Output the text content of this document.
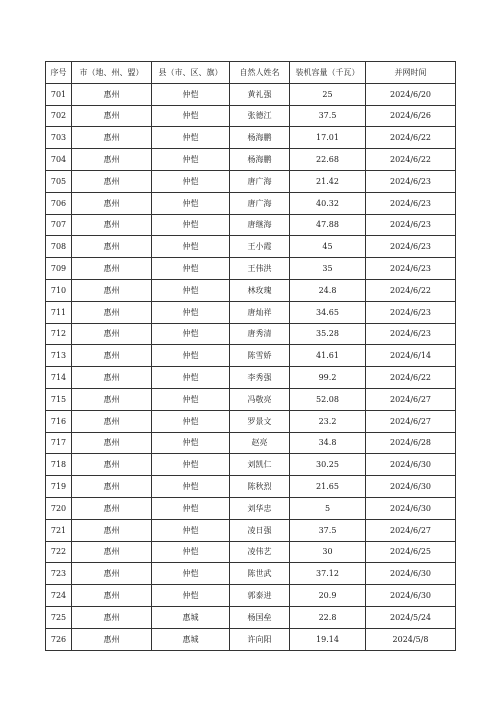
序号	市（地、州、盟）	县（市、区、旗）	自然人姓名	装机容量（千瓦）	并网时间
701	惠州	仲恺	黄礼强	25	2024/6/20
702	惠州	仲恺	张德江	37.5	2024/6/26
703	惠州	仲恺	杨海鹏	17.01	2024/6/22
704	惠州	仲恺	杨海鹏	22.68	2024/6/22
705	惠州	仲恺	唐广海	21.42	2024/6/23
706	惠州	仲恺	唐广海	40.32	2024/6/23
707	惠州	仲恺	唐继海	47.88	2024/6/23
708	惠州	仲恺	王小霞	45	2024/6/23
709	惠州	仲恺	王伟洪	35	2024/6/23
710	惠州	仲恺	林玫瑰	24.8	2024/6/22
711	惠州	仲恺	唐灿祥	34.65	2024/6/23
712	惠州	仲恺	唐秀清	35.28	2024/6/23
713	惠州	仲恺	陈雪娇	41.61	2024/6/14
714	惠州	仲恺	李秀强	99.2	2024/6/22
715	惠州	仲恺	冯敬亮	52.08	2024/6/27
716	惠州	仲恺	罗景文	23.2	2024/6/27
717	惠州	仲恺	赵亮	34.8	2024/6/28
718	惠州	仲恺	刘凯仁	30.25	2024/6/30
719	惠州	仲恺	陈秋烈	21.65	2024/6/30
720	惠州	仲恺	刘华忠	5	2024/6/30
721	惠州	仲恺	凌日强	37.5	2024/6/27
722	惠州	仲恺	凌伟艺	30	2024/6/25
723	惠州	仲恺	陈世武	37.12	2024/6/30
724	惠州	仲恺	郭泰进	20.9	2024/6/30
725	惠州	惠城	杨国垒	22.8	2024/5/24
726	惠州	惠城	许向阳	19.14	2024/5/8
